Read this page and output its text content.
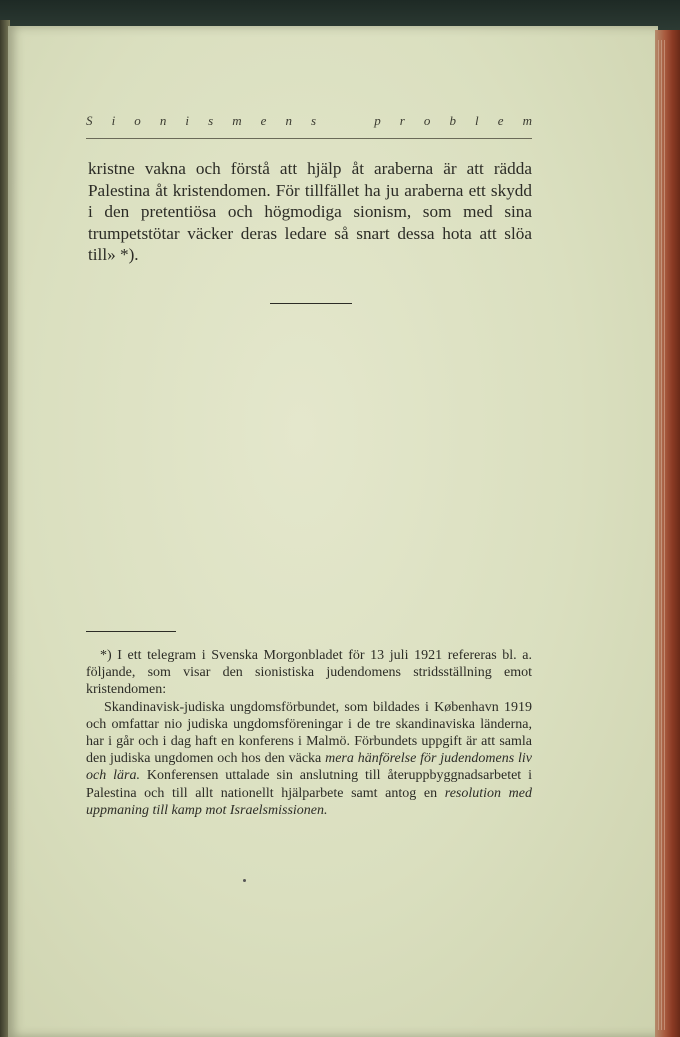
S i o n i s m e n s	p r o b l e m

kristne vakna och förstå att hjälp åt araberna är att rädda Palestina åt kristendomen. För tillfället ha ju araberna ett skydd i den pretentiösa och högmodiga sionism, som med sina trumpetstötar väcker deras ledare så snart dessa hota att slöa till» *).

*) I ett telegram i Svenska Morgonbladet för 13 juli 1921 refereras bl. a. följande, som visar den sionistiska judendomens stridsställning emot kristendomen:

Skandinavisk-judiska ungdomsförbundet, som bildades i København 1919 och omfattar nio judiska ungdomsföreningar i de tre skandinaviska länderna, har i går och i dag haft en konferens i Malmö. Förbundets uppgift är att samla den judiska ungdomen och hos den väcka mera hänförelse för judendomens liv och lära. Konferensen uttalade sin anslutning till återuppbyggnadsarbetet i Palestina och till allt nationellt hjälparbete samt antog en resolution med uppmaning till kamp mot Israelsmissionen.
